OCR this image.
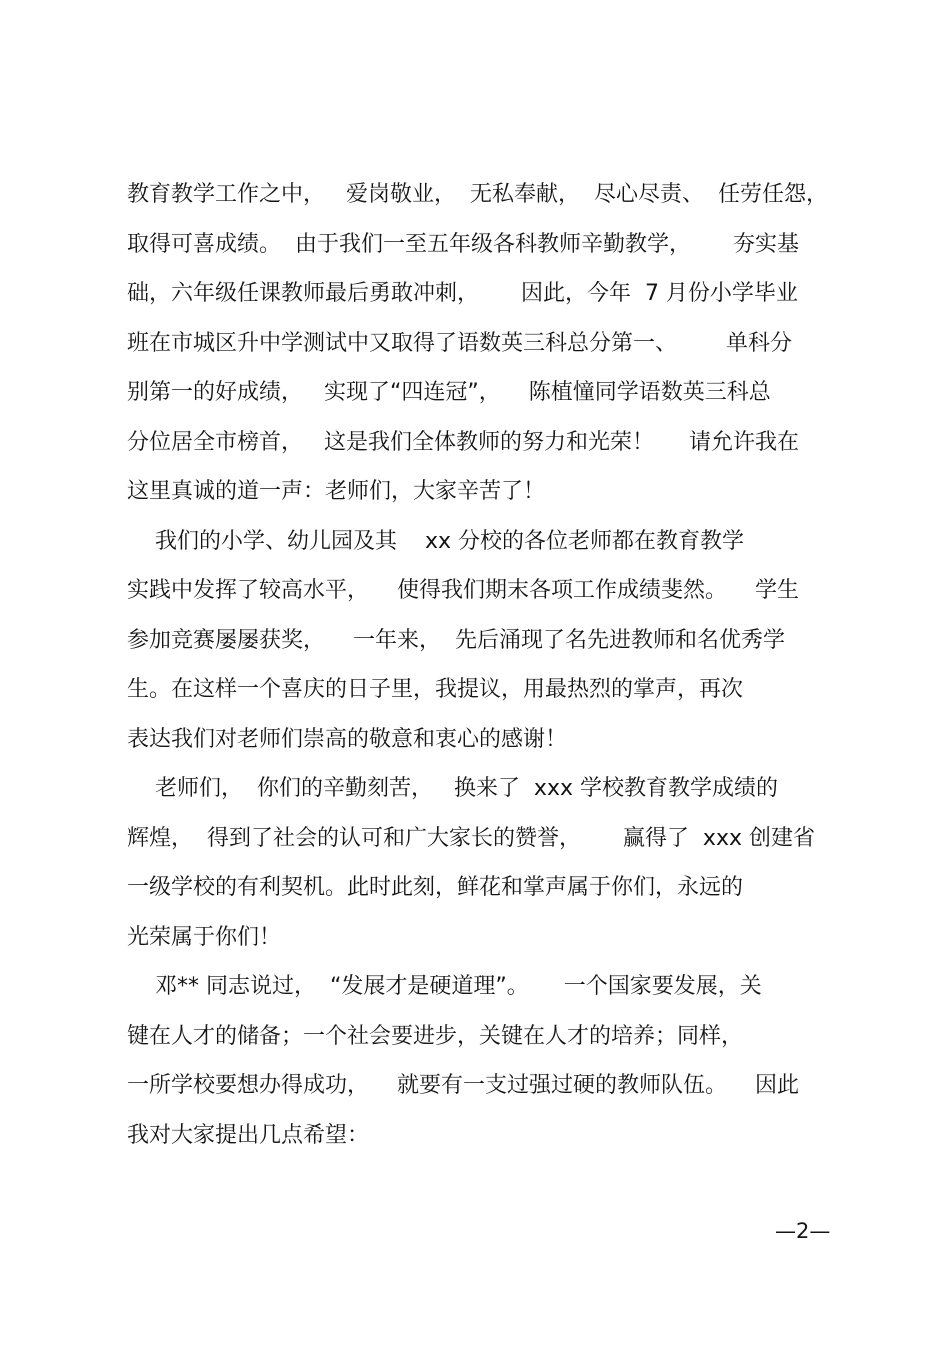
教育教学工作之中，   爱岗敬业，  无私奉献，  尽心尽责、  任劳任怨，
取得可喜成绩。  由于我们一至五年级各科教师辛勤教学，      夯实基
础，六年级任课教师最后勇敢冲刺，      因此，今年  7 月份小学毕业
班在市城区升中学测试中又取得了语数英三科总分第一、       单科分
别第一的好成绩，   实现了“四连冠”，    陈植憧同学语数英三科总
分位居全市榜首，   这是我们全体教师的努力和光荣！     请允许我在
这里真诚的道一声：老师们，大家辛苦了！
我们的小学、幼儿园及其    xx 分校的各位老师都在教育教学
实践中发挥了较高水平，    使得我们期末各项工作成绩斐然。    学生
参加竞赛屡屡获奖，    一年来，  先后涌现了名先进教师和名优秀学
生。在这样一个喜庆的日子里，我提议，用最热烈的掌声，再次
表达我们对老师们崇高的敬意和衷心的感谢！
老师们，  你们的辛勤刻苦，   换来了  xxx 学校教育教学成绩的
辉煌，  得到了社会的认可和广大家长的赞誉，      赢得了  xxx 创建省
一级学校的有利契机。此时此刻，鲜花和掌声属于你们，永远的
光荣属于你们！
邓** 同志说过，  “发展才是硬道理”。     一个国家要发展，关
键在人才的储备；一个社会要进步，关键在人才的培养；同样，
一所学校要想办得成功，    就要有一支过强过硬的教师队伍。    因此
我对大家提出几点希望：
—2—
